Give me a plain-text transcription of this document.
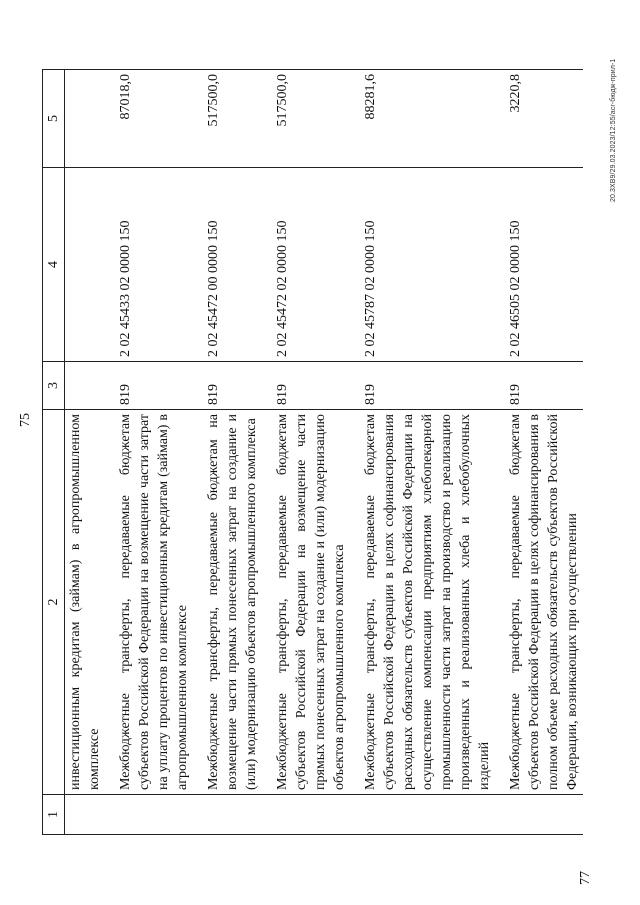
75
77
20.3XB9/29.03.2023/12:55/acr-бюдж-прил-1
1	2	3	4	5
	инвестиционным кредитам (займам) в агропромышленном комплексе			

	Межбюджетные трансферты, передаваемые бюджетам субъектов Российской Федерации на возмещение части затрат на уплату процентов по инвестиционным кредитам (займам) в агропромышленном комплексе	819	2 02 45433 02 0000 150	87018,0

	Межбюджетные трансферты, передаваемые бюджетам на возмещение части прямых понесенных затрат на создание и (или) модернизацию объектов агропромышленного комплекса	819	2 02 45472 00 0000 150	517500,0

	Межбюджетные трансферты, передаваемые бюджетам субъектов Российской Федерации на возмещение части прямых понесенных затрат на создание и (или) модернизацию объектов агропромышленного комплекса	819	2 02 45472 02 0000 150	517500,0

	Межбюджетные трансферты, передаваемые бюджетам субъектов Российской Федерации в целях софинансирования расходных обязательств субъектов Российской Федерации на осуществление компенсации предприятиям хлебопекарной промышленности части затрат на производство и реализацию произведенных и реализованных хлеба и хлебобулочных изделий	819	2 02 45787 02 0000 150	88281,6

	Межбюджетные трансферты, передаваемые бюджетам субъектов Российской Федерации в целях софинансирования в полном объеме расходных обязательств субъектов Российской Федерации, возникающих при осуществлении	819	2 02 46505 02 0000 150	3220,8
